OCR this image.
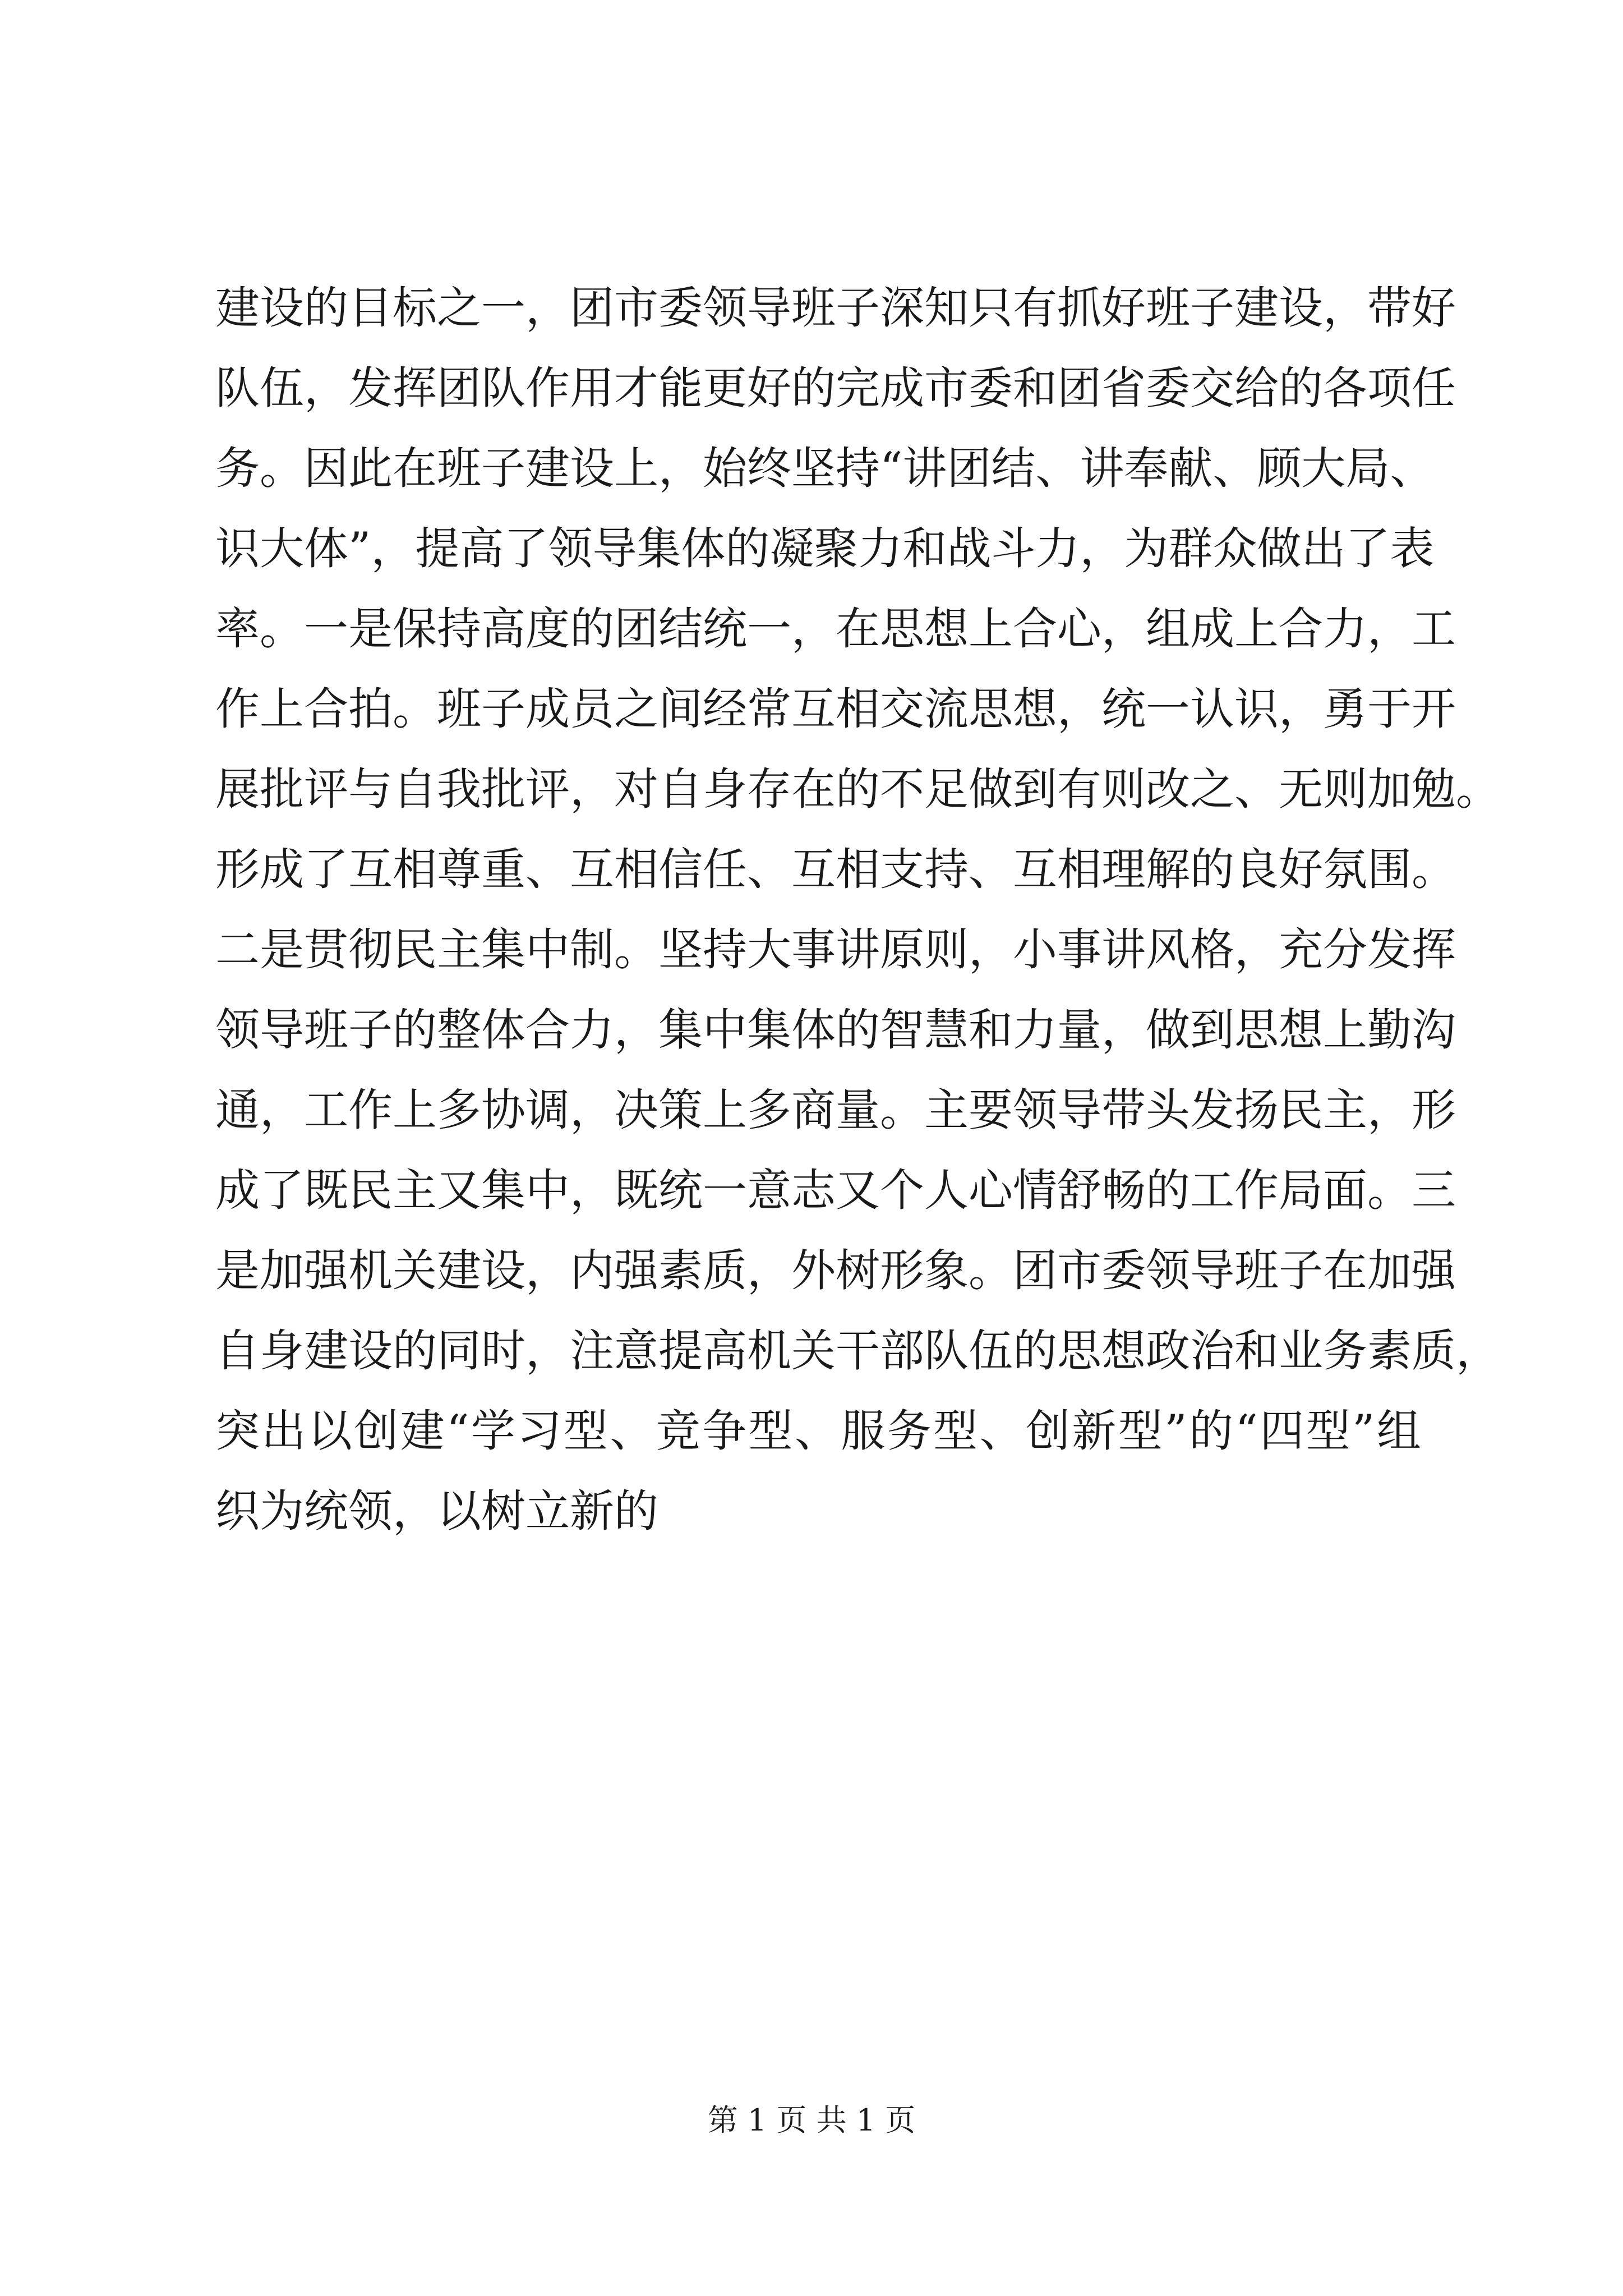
建设的目标之一，团市委领导班子深知只有抓好班子建设，带好
队伍，发挥团队作用才能更好的完成市委和团省委交给的各项任
务。因此在班子建设上，始终坚持“讲团结、讲奉献、顾大局、
识大体”，提高了领导集体的凝聚力和战斗力，为群众做出了表
率。一是保持高度的团结统一，在思想上合心，组成上合力，工
作上合拍。班子成员之间经常互相交流思想，统一认识，勇于开
展批评与自我批评，对自身存在的不足做到有则改之、无则加勉。
形成了互相尊重、互相信任、互相支持、互相理解的良好氛围。
二是贯彻民主集中制。坚持大事讲原则，小事讲风格，充分发挥
领导班子的整体合力，集中集体的智慧和力量，做到思想上勤沟
通，工作上多协调，决策上多商量。主要领导带头发扬民主，形
成了既民主又集中，既统一意志又个人心情舒畅的工作局面。三
是加强机关建设，内强素质，外树形象。团市委领导班子在加强
自身建设的同时，注意提高机关干部队伍的思想政治和业务素质，
突出以创建“学习型、竞争型、服务型、创新型”的“四型”组
织为统领，以树立新的
第 1 页 共 1 页
